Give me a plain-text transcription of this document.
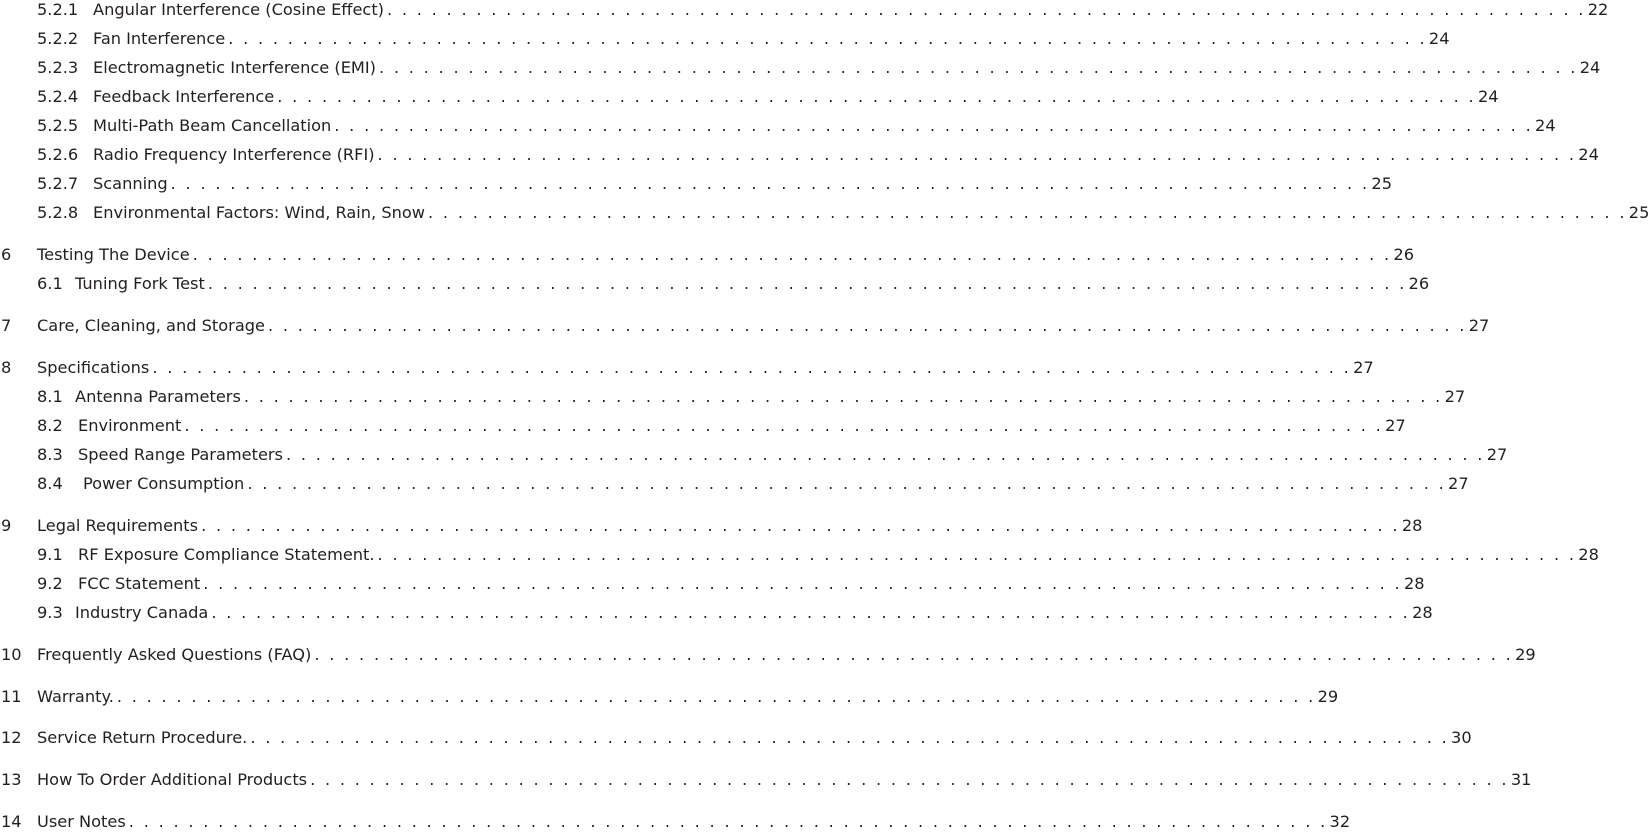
5.2.1 Angular Interference (Cosine Effect) . . . . . . . . . . . . . . . . . . . . . . . . . . . . . . . . . . . . . . . . . . . . . . . . . . . . . . . . . . . . . . . . . . . . . . . . . . . . . . . . . 22
5.2.2 Fan Interference . . . . . . . . . . . . . . . . . . . . . . . . . . . . . . . . . . . . . . . . . . . . . . . . . . . . . . . . . . . . . . . . . . . . . . . . . . . . . . . . . 24
5.2.3 Electromagnetic Interference (EMI) . . . . . . . . . . . . . . . . . . . . . . . . . . . . . . . . . . . . . . . . . . . . . . . . . . . . . . . . . . . . . . . . . . . . . . . . . . . . . . . . . 24
5.2.4 Feedback Interference . . . . . . . . . . . . . . . . . . . . . . . . . . . . . . . . . . . . . . . . . . . . . . . . . . . . . . . . . . . . . . . . . . . . . . . . . . . . . . . . . 24
5.2.5 Multi-Path Beam Cancellation . . . . . . . . . . . . . . . . . . . . . . . . . . . . . . . . . . . . . . . . . . . . . . . . . . . . . . . . . . . . . . . . . . . . . . . . . . . . . . . . . 24
5.2.6 Radio Frequency Interference (RFI) . . . . . . . . . . . . . . . . . . . . . . . . . . . . . . . . . . . . . . . . . . . . . . . . . . . . . . . . . . . . . . . . . . . . . . . . . . . . . . . . . 24
5.2.7 Scanning . . . . . . . . . . . . . . . . . . . . . . . . . . . . . . . . . . . . . . . . . . . . . . . . . . . . . . . . . . . . . . . . . . . . . . . . . . . . . . . . . 25
5.2.8 Environmental Factors: Wind, Rain, Snow . . . . . . . . . . . . . . . . . . . . . . . . . . . . . . . . . . . . . . . . . . . . . . . . . . . . . . . . . . . . . . . . . . . . . . . . . . . . . . . . . 25
6 Testing The Device . . . . . . . . . . . . . . . . . . . . . . . . . . . . . . . . . . . . . . . . . . . . . . . . . . . . . . . . . . . . . . . . . . . . . . . . . . . . . . . . . 26
6.1 Tuning Fork Test . . . . . . . . . . . . . . . . . . . . . . . . . . . . . . . . . . . . . . . . . . . . . . . . . . . . . . . . . . . . . . . . . . . . . . . . . . . . . . . . . 26
7 Care, Cleaning, and Storage . . . . . . . . . . . . . . . . . . . . . . . . . . . . . . . . . . . . . . . . . . . . . . . . . . . . . . . . . . . . . . . . . . . . . . . . . . . . . . . . . 27
8 Specifications . . . . . . . . . . . . . . . . . . . . . . . . . . . . . . . . . . . . . . . . . . . . . . . . . . . . . . . . . . . . . . . . . . . . . . . . . . . . . . . . . 27
8.1 Antenna Parameters . . . . . . . . . . . . . . . . . . . . . . . . . . . . . . . . . . . . . . . . . . . . . . . . . . . . . . . . . . . . . . . . . . . . . . . . . . . . . . . . . 27
8.2 Environment . . . . . . . . . . . . . . . . . . . . . . . . . . . . . . . . . . . . . . . . . . . . . . . . . . . . . . . . . . . . . . . . . . . . . . . . . . . . . . . . . 27
8.3 Speed Range Parameters . . . . . . . . . . . . . . . . . . . . . . . . . . . . . . . . . . . . . . . . . . . . . . . . . . . . . . . . . . . . . . . . . . . . . . . . . . . . . . . . . 27
8.4 Power Consumption . . . . . . . . . . . . . . . . . . . . . . . . . . . . . . . . . . . . . . . . . . . . . . . . . . . . . . . . . . . . . . . . . . . . . . . . . . . . . . . . . 27
9 Legal Requirements . . . . . . . . . . . . . . . . . . . . . . . . . . . . . . . . . . . . . . . . . . . . . . . . . . . . . . . . . . . . . . . . . . . . . . . . . . . . . . . . . 28
9.1 RF Exposure Compliance Statement. . . . . . . . . . . . . . . . . . . . . . . . . . . . . . . . . . . . . . . . . . . . . . . . . . . . . . . . . . . . . . . . . . . . . . . . . . . . . . . . . . 28
9.2 FCC Statement . . . . . . . . . . . . . . . . . . . . . . . . . . . . . . . . . . . . . . . . . . . . . . . . . . . . . . . . . . . . . . . . . . . . . . . . . . . . . . . . . 28
9.3 Industry Canada . . . . . . . . . . . . . . . . . . . . . . . . . . . . . . . . . . . . . . . . . . . . . . . . . . . . . . . . . . . . . . . . . . . . . . . . . . . . . . . . . 28
10 Frequently Asked Questions (FAQ) . . . . . . . . . . . . . . . . . . . . . . . . . . . . . . . . . . . . . . . . . . . . . . . . . . . . . . . . . . . . . . . . . . . . . . . . . . . . . . . . . 29
11 Warranty. . . . . . . . . . . . . . . . . . . . . . . . . . . . . . . . . . . . . . . . . . . . . . . . . . . . . . . . . . . . . . . . . . . . . . . . . . . . . . . . . . 29
12 Service Return Procedure. . . . . . . . . . . . . . . . . . . . . . . . . . . . . . . . . . . . . . . . . . . . . . . . . . . . . . . . . . . . . . . . . . . . . . . . . . . . . . . . . . 30
13 How To Order Additional Products . . . . . . . . . . . . . . . . . . . . . . . . . . . . . . . . . . . . . . . . . . . . . . . . . . . . . . . . . . . . . . . . . . . . . . . . . . . . . . . . . 31
14 User Notes . . . . . . . . . . . . . . . . . . . . . . . . . . . . . . . . . . . . . . . . . . . . . . . . . . . . . . . . . . . . . . . . . . . . . . . . . . . . . . . . . 32
